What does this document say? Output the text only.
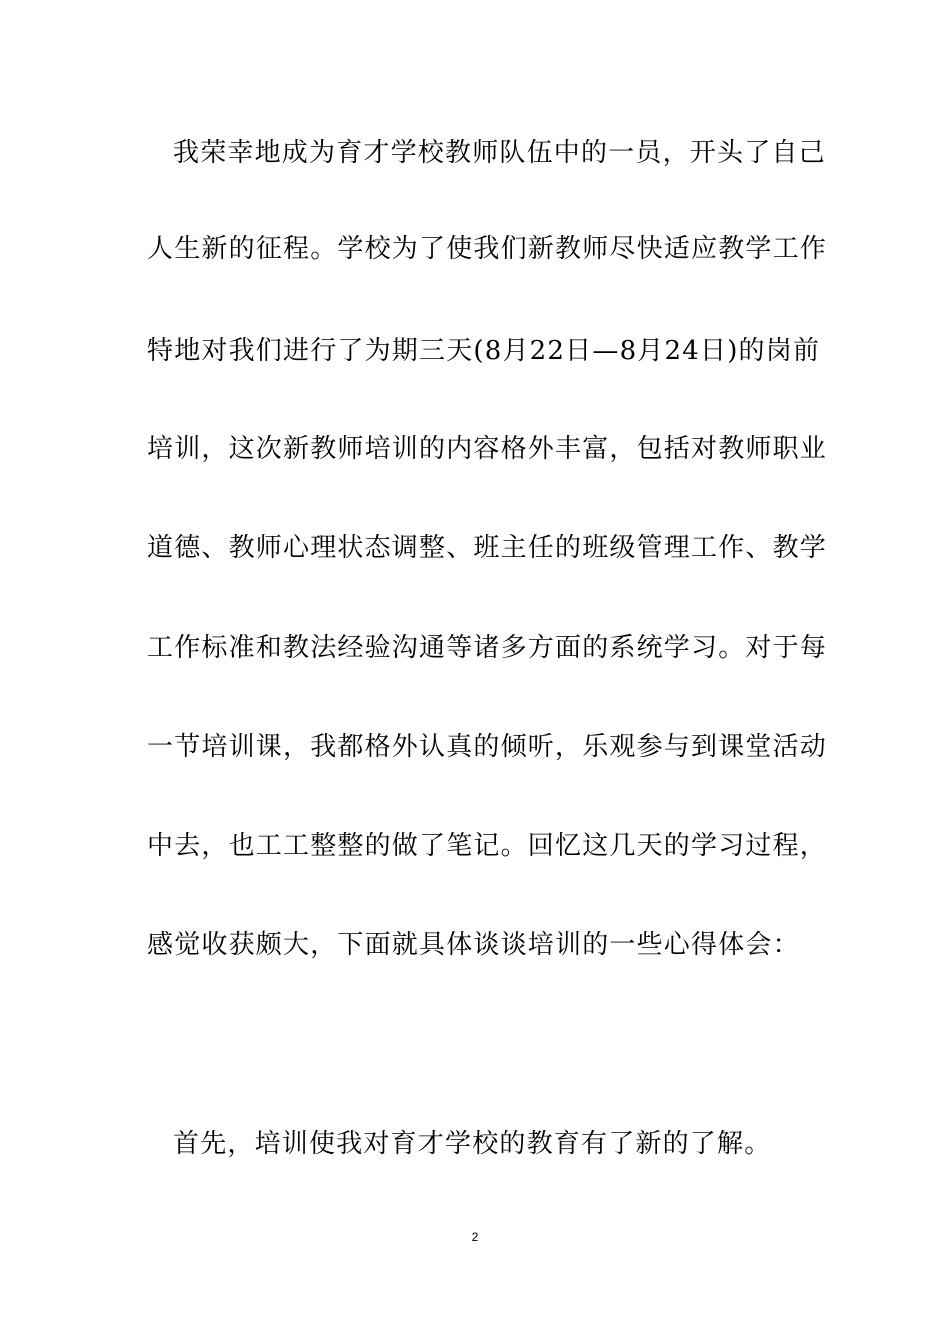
我荣幸地成为育才学校教师队伍中的一员，开头了自己
人生新的征程。学校为了使我们新教师尽快适应教学工作
特地对我们进行了为期三天(8月22日—8月24日)的岗前
培训，这次新教师培训的内容格外丰富，包括对教师职业
道德、教师心理状态调整、班主任的班级管理工作、教学
工作标准和教法经验沟通等诸多方面的系统学习。对于每
一节培训课，我都格外认真的倾听，乐观参与到课堂活动
中去，也工工整整的做了笔记。回忆这几天的学习过程，
感觉收获颇大，下面就具体谈谈培训的一些心得体会：
首先，培训使我对育才学校的教育有了新的了解。
2
